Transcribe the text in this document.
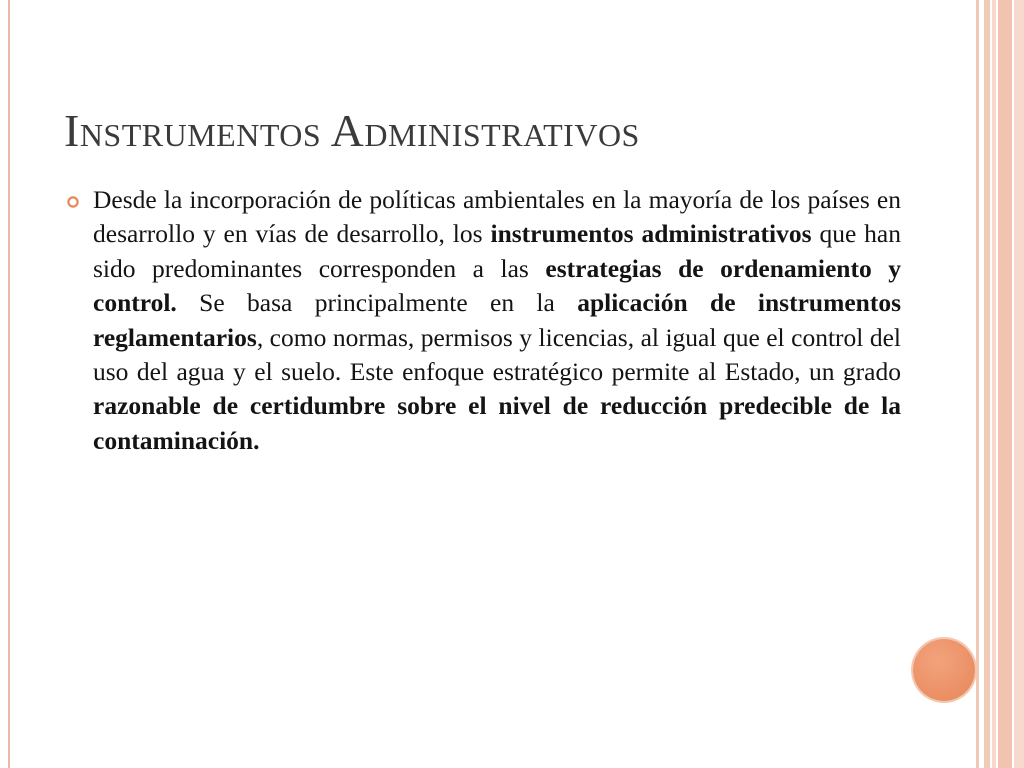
Instrumentos Administrativos

Desde la incorporación de políticas ambientales en la mayoría de los países en desarrollo y en vías de desarrollo, los instrumentos administrativos que han sido predominantes corresponden a las estrategias de ordenamiento y control. Se basa principalmente en la aplicación de instrumentos reglamentarios, como normas, permisos y licencias, al igual que el control del uso del agua y el suelo. Este enfoque estratégico permite al Estado, un grado razonable de certidumbre sobre el nivel de reducción predecible de la contaminación.
